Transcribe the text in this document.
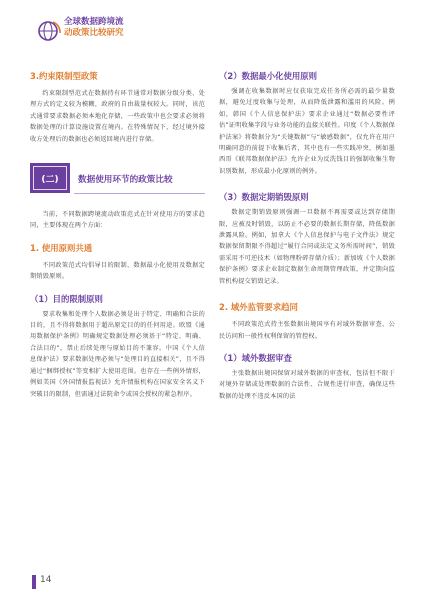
全球数据跨境流
动政策比较研究
3.约束限制型政策

约束限制型范式在数据持有环节通常对数据分级分类、处理方式的定义较为模糊，政府的自由裁量权较大。同时，该范式通常要求数据必须本地化存储，一些政策中也会要求必须将数据处理的计算设施设置在境内。在特殊情况下，经过境外接收方处理后的数据也必须返回境内进行存储。

(二)	数据使用环节的政策比较

当前，不同数据跨境流动政策范式在针对使用方的要求趋同，主要体现在两个方面：

1. 使用原则共通

不同政策范式均倡导目的限制、数据最小化使用及数据定期销毁原则。

（1）目的限制原则

要求收集和处理个人数据必须是出于特定、明确和合法的目的，且不得将数据用于超出原定目的的任何用途。欧盟《通用数据保护条例》明确规定数据处理必须基于“特定、明确、合法目的”，禁止后续处理与原始目的不兼容。中国《个人信息保护法》要求数据处理必须与“处理目的直接相关”，且不得通过“捆绑授权”等变相扩大使用范围。也存在一些例外情形，例如美国《外国情报监视法》允许情报机构在国家安全名义下突破目的限制，但需通过法院命令或国会授权的紧急程序。

（2）数据最小化使用原则

强调在收集数据时应仅获取完成任务所必需的最少量数据，避免过度收集与处理，从而降低泄露和滥用的风险。例如，韩国《个人信息保护法》要求企业通过“数据必要性评估”证明收集字段与业务功能的直接关联性。印度《个人数据保护法案》将数据分为“关键数据”与“敏感数据”，仅允许在用户明确同意的前提下收集后者，其中也有一些实践冲突，例如墨西哥《联邦数据保护法》允许企业为反洗钱目的强制收集生物识别数据，形成最小化原则的例外。

（3）数据定期销毁原则

数据定期销毁原则强调一旦数据不再需要或达到存储期限，应被及时销毁，以防止不必要的数据长期存储，降低数据泄露风险。例如，加拿大《个人信息保护与电子文件法》规定数据保留期限不得超过“履行合同或法定义务所需时间”，销毁需采用不可逆技术（如物理粉碎存储介质）；新加坡《个人数据保护条例》要求企业制定数据生命周期管理政策，并定期向监管机构提交销毁记录。

2. 域外监管要求趋同

不同政策范式持主张数据出境国享有对域外数据审查、公民访问和一般性权利保留的管控权。

（1）域外数据审查

主张数据出境国保留对域外数据的审查权，包括但不限于对境外存储或处理数据的合法性、合规性进行审查，确保这些数据的处理不违反本国的法

14
